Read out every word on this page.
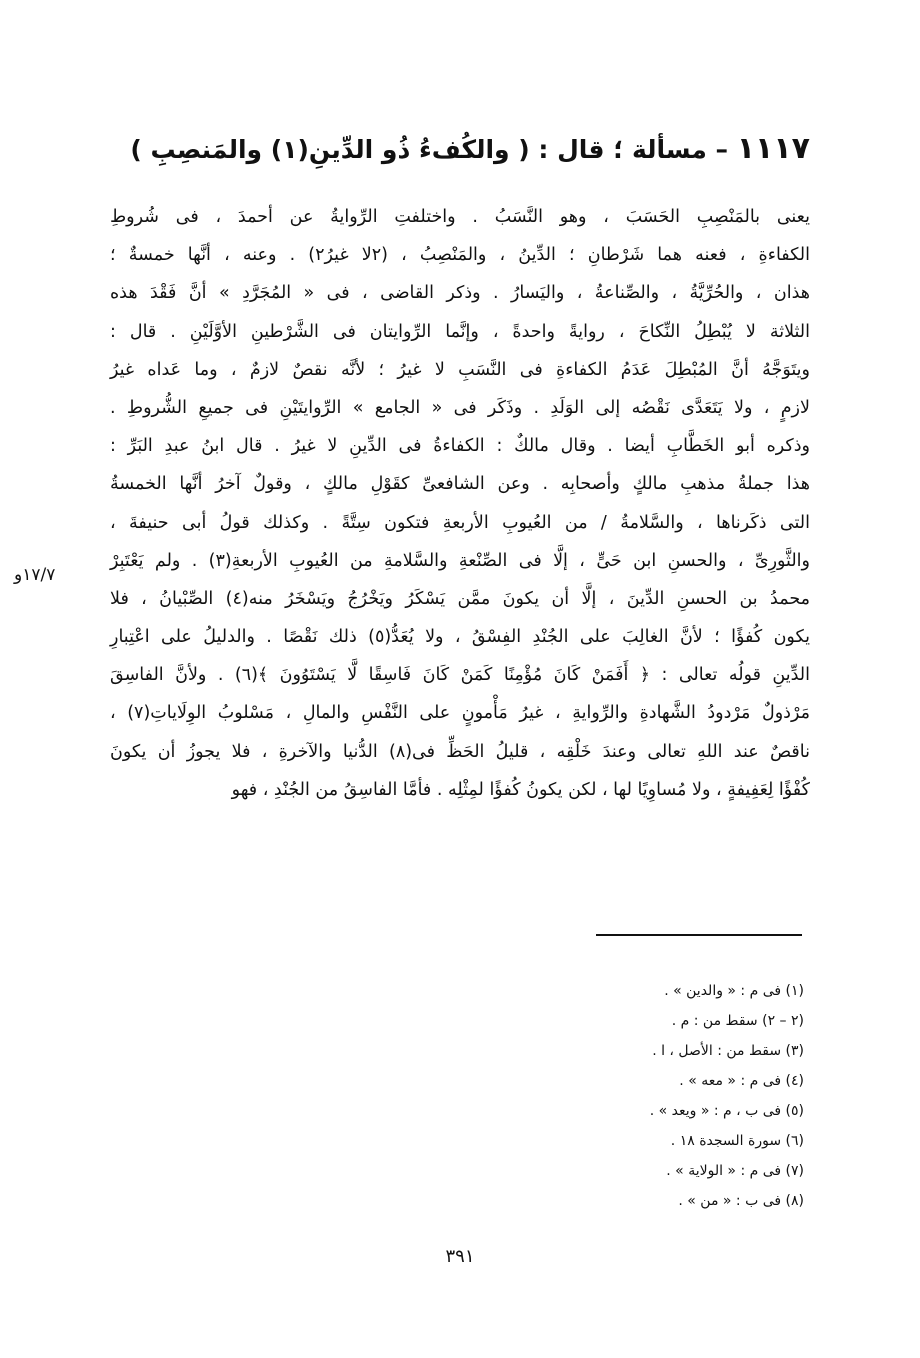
١١١٧ – مسألة ؛ قال : ( والكُفءُ ذُو الدِّينِ(١) والمَنصِبِ )
يعنى بالمَنْصِبِ الحَسَبَ ، وهو النَّسَبُ . واختلفتِ الرِّوايةُ عن أحمدَ ، فى شُروطِ
الكفاءةِ ، فعنه هما شَرْطانِ ؛ الدِّينُ ، والمَنْصِبُ ، (٢لا غيرُ٢) . وعنه ، أنَّها خمسةٌ ؛
هذان ، والحُرِّيَّةُ ، والصِّناعةُ ، واليَسارُ . وذكر القاضى ، فى « المُجَرَّدِ » أنَّ فَقْدَ هذه
الثلاثة لا يُبْطِلُ النِّكاحَ ، روايةً واحدةً ، وإنَّما الرِّوايتان فى الشَّرْطينِ الأوَّلَيْنِ . قال :
ويتَوَجَّهُ أنَّ المُبْطِلَ عَدَمُ الكفاءةِ فى النَّسَبِ لا غيرُ ؛ لأنَّه نقصٌ لازمٌ ، وما عَداه غيرُ
لازمٍ ، ولا يَتَعَدَّى نَقْصُه إلى الوَلَدِ . وذَكَر فى « الجامع » الرِّوايتَيْنِ فى جميعِ الشُّروطِ .
وذكره أبو الخَطَّابِ أيضا . وقال مالكٌ : الكفاءةُ فى الدِّينِ لا غيرُ . قال ابنُ عبدِ البَرِّ :
هذا جملةُ مذهبِ مالكٍ وأصحابِه . وعن الشافعىِّ كقَوْلِ مالكٍ ، وقولٌ آخرُ أنَّها الخمسةُ
التى ذكَرناها ، والسَّلامةُ / من العُيوبِ الأربعةِ فتكون سِتَّةً . وكذلك قولُ أبى حنيفةَ ،
والثَّورِىِّ ، والحسنِ ابن حَىٍّ ، إلَّا فى الصِّنْعةِ والسَّلامةِ من العُيوبِ الأربعةِ(٣) . ولم يَعْتَبِرْ
محمدُ بن الحسنِ الدِّينَ ، إلَّا أن يكونَ ممَّن يَسْكَرُ ويَخْرُجُ ويَسْخَرُ منه(٤) الصِّبْيانُ ، فلا
يكون كُفؤًا ؛ لأنَّ الغالِبَ على الجُنْدِ الفِسْقُ ، ولا يُعَدُّ(٥) ذلك نَقْصًا . والدليلُ على اعْتِبارِ
الدِّينِ قولُه تعالى : ﴿ أَفَمَنْ كَانَ مُؤْمِنًا كَمَنْ كَانَ فَاسِقًا لَّا يَسْتَوُونَ ﴾(٦) . ولأنَّ الفاسِقَ
مَرْذولٌ مَرْدودُ الشَّهادةِ والرِّوايةِ ، غيرُ مَأْمونٍ على النَّفْسِ والمالِ ، مَسْلوبُ الوِلَاياتِ(٧) ،
ناقصٌ عند اللهِ تعالى وعندَ خَلْقِه ، قليلُ الحَظِّ فى(٨) الدُّنيا والآخرةِ ، فلا يجوزُ أن يكونَ
كُفْؤًا لِعَفِيفةٍ ، ولا مُساوِيًا لها ، لكن يكونُ كُفؤًا لمِثْلِه . فأمَّا الفاسِقُ من الجُنْدِ ، فهو
١٧/٧و
(١) فى م : « والدين » .
(٢ – ٢) سقط من : م .
(٣) سقط من : الأصل ، ا .
(٤) فى م : « معه » .
(٥) فى ب ، م : « ويعد » .
(٦) سورة السجدة ١٨ .
(٧) فى م : « الولاية » .
(٨) فى ب : « من » .
٣٩١
